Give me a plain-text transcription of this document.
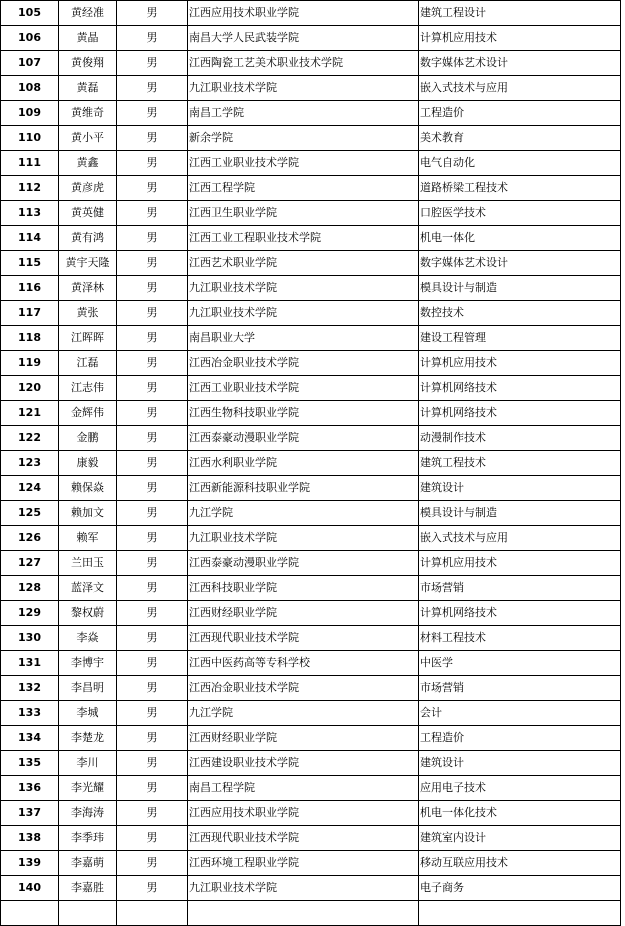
105	黄经准	男	江西应用技术职业学院	建筑工程设计
106	黄晶	男	南昌大学人民武装学院	计算机应用技术
107	黄俊翔	男	江西陶瓷工艺美术职业技术学院	数字媒体艺术设计
108	黄磊	男	九江职业技术学院	嵌入式技术与应用
109	黄维奇	男	南昌工学院	工程造价
110	黄小平	男	新余学院	美术教育
111	黄鑫	男	江西工业职业技术学院	电气自动化
112	黄彦虎	男	江西工程学院	道路桥梁工程技术
113	黄英健	男	江西卫生职业学院	口腔医学技术
114	黄有鸿	男	江西工业工程职业技术学院	机电一体化
115	黄宇天隆	男	江西艺术职业学院	数字媒体艺术设计
116	黄泽林	男	九江职业技术学院	模具设计与制造
117	黄张	男	九江职业技术学院	数控技术
118	江晖晖	男	南昌职业大学	建设工程管理
119	江磊	男	江西冶金职业技术学院	计算机应用技术
120	江志伟	男	江西工业职业技术学院	计算机网络技术
121	金辉伟	男	江西生物科技职业学院	计算机网络技术
122	金鹏	男	江西泰豪动漫职业学院	动漫制作技术
123	康毅	男	江西水利职业学院	建筑工程技术
124	赖保焱	男	江西新能源科技职业学院	建筑设计
125	赖加文	男	九江学院	模具设计与制造
126	赖军	男	九江职业技术学院	嵌入式技术与应用
127	兰田玉	男	江西泰豪动漫职业学院	计算机应用技术
128	蓝泽文	男	江西科技职业学院	市场营销
129	黎权蔚	男	江西财经职业学院	计算机网络技术
130	李焱	男	江西现代职业技术学院	材料工程技术
131	李博宇	男	江西中医药高等专科学校	中医学
132	李昌明	男	江西冶金职业技术学院	市场营销
133	李城	男	九江学院	会计
134	李楚龙	男	江西财经职业学院	工程造价
135	李川	男	江西建设职业技术学院	建筑设计
136	李光耀	男	南昌工程学院	应用电子技术
137	李海涛	男	江西应用技术职业学院	机电一体化技术
138	李季玮	男	江西现代职业技术学院	建筑室内设计
139	李嘉萌	男	江西环境工程职业学院	移动互联应用技术
140	李嘉胜	男	九江职业技术学院	电子商务
